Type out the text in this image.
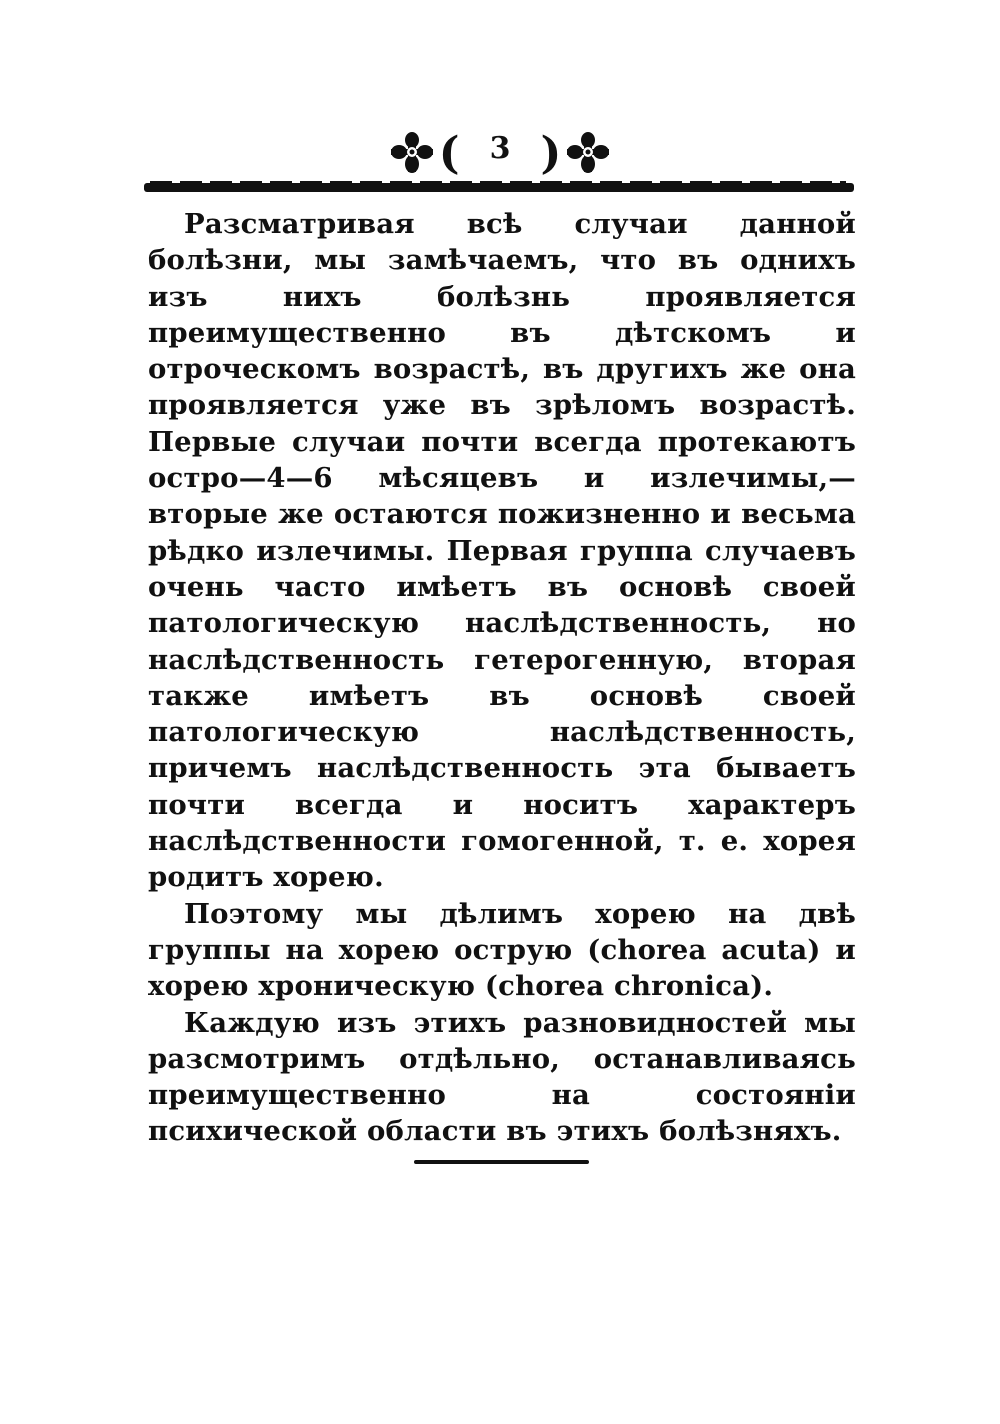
( 3 )

Разсматривая всѣ случаи данной болѣзни, мы замѣчаемъ, что въ однихъ изъ нихъ болѣзнь проявляется преимущественно въ дѣтскомъ и отроческомъ возрастѣ, въ другихъ же она проявляется уже въ зрѣломъ возрастѣ. Первые случаи почти всегда протекаютъ остро—4—6 мѣсяцевъ и излечимы,—вторые же остаются пожизненно и весьма рѣдко излечимы. Первая группа случаевъ очень часто имѣетъ въ основѣ своей патологическую наслѣдственность, но наслѣдственность гетерогенную, вторая также имѣетъ въ основѣ своей патологическую наслѣдственность, причемъ наслѣдственность эта бываетъ почти всегда и носитъ характеръ наслѣдственности гомогенной, т. е. хорея родитъ хорею.

Поэтому мы дѣлимъ хорею на двѣ группы на хорею острую (chorea acuta) и хорею хроническую (chorea chronica).

Каждую изъ этихъ разновидностей мы разсмотримъ отдѣльно, останавливаясь преимущественно на состояніи психической области въ этихъ болѣзняхъ.
